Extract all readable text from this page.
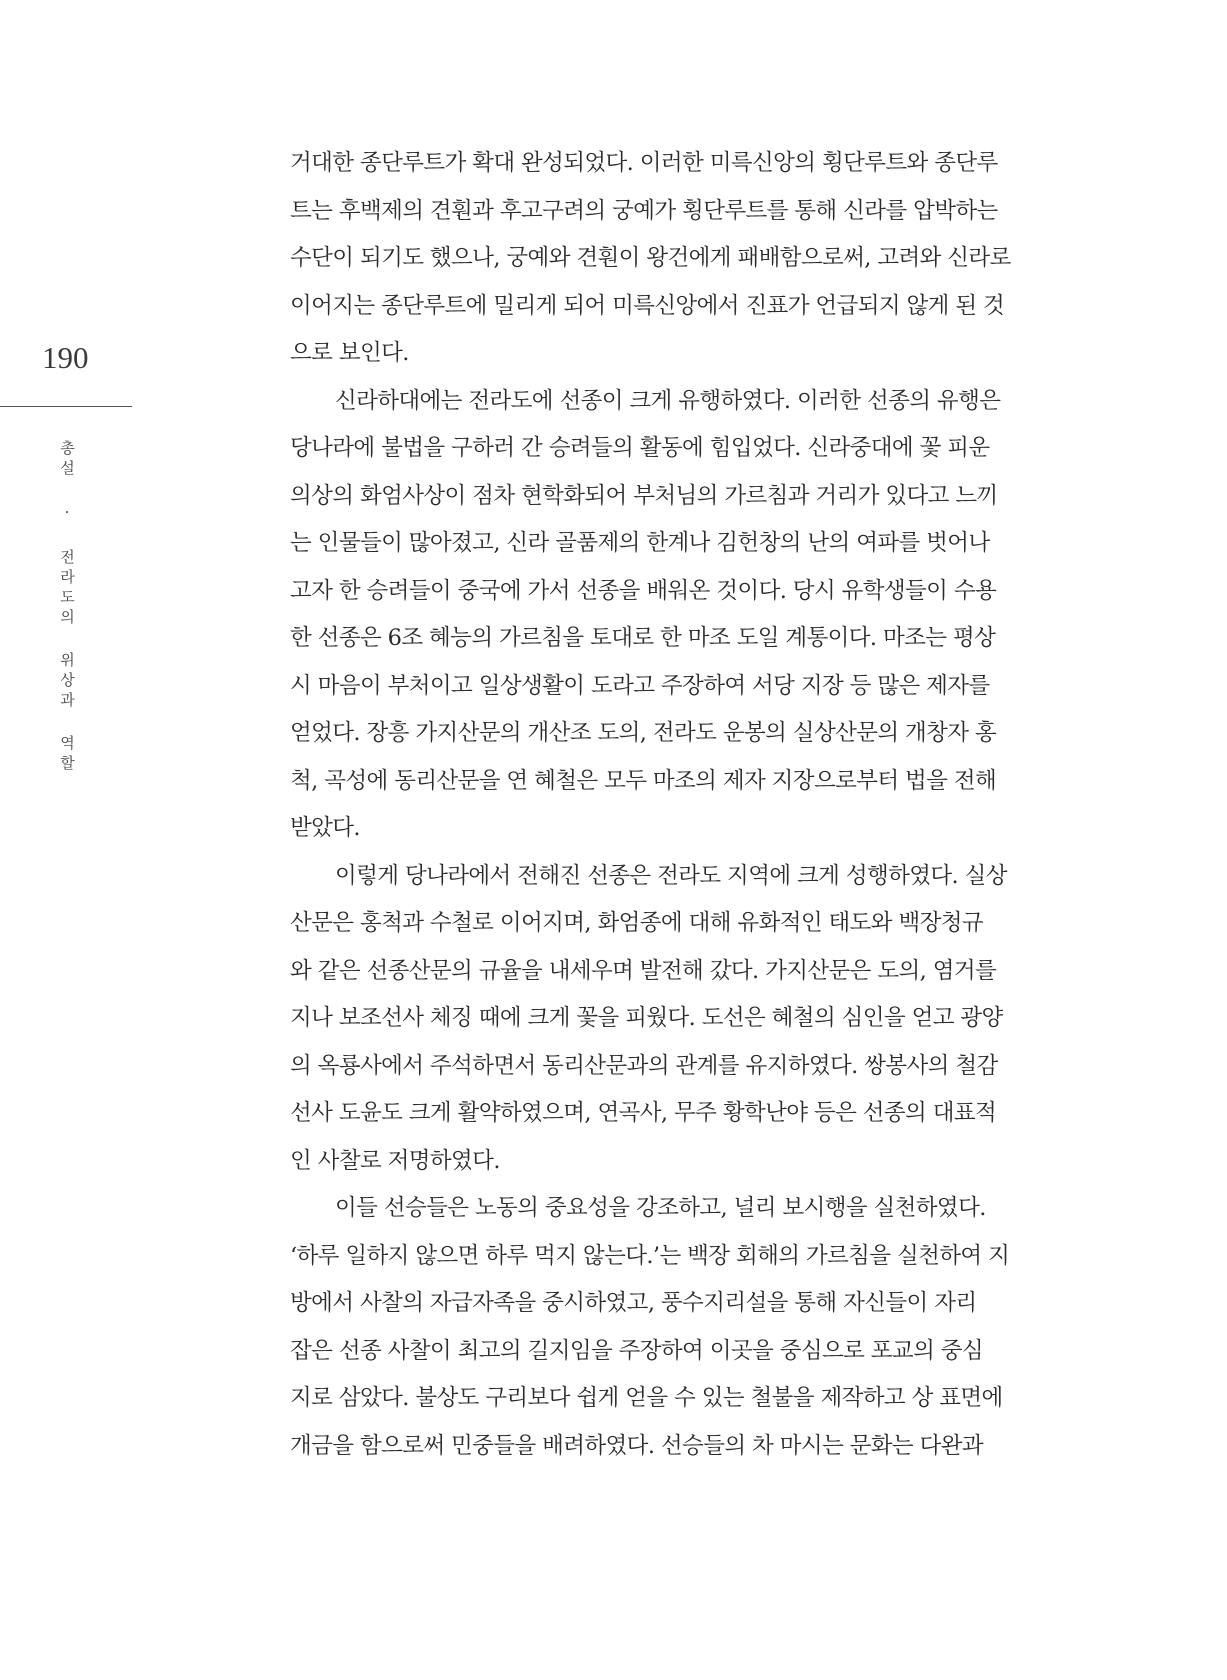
190
총설 · 전라도의 위상과 역할
거대한 종단루트가 확대 완성되었다. 이러한 미륵신앙의 횡단루트와 종단루
트는 후백제의 견훤과 후고구려의 궁예가 횡단루트를 통해 신라를 압박하는
수단이 되기도 했으나, 궁예와 견훤이 왕건에게 패배함으로써, 고려와 신라로
이어지는 종단루트에 밀리게 되어 미륵신앙에서 진표가 언급되지 않게 된 것
으로 보인다.
신라하대에는 전라도에 선종이 크게 유행하였다. 이러한 선종의 유행은
당나라에 불법을 구하러 간 승려들의 활동에 힘입었다. 신라중대에 꽃 피운
의상의 화엄사상이 점차 현학화되어 부처님의 가르침과 거리가 있다고 느끼
는 인물들이 많아졌고, 신라 골품제의 한계나 김헌창의 난의 여파를 벗어나
고자 한 승려들이 중국에 가서 선종을 배워온 것이다. 당시 유학생들이 수용
한 선종은 6조 혜능의 가르침을 토대로 한 마조 도일 계통이다. 마조는 평상
시 마음이 부처이고 일상생활이 도라고 주장하여 서당 지장 등 많은 제자를
얻었다. 장흥 가지산문의 개산조 도의, 전라도 운봉의 실상산문의 개창자 홍
척, 곡성에 동리산문을 연 혜철은 모두 마조의 제자 지장으로부터 법을 전해
받았다.
이렇게 당나라에서 전해진 선종은 전라도 지역에 크게 성행하였다. 실상
산문은 홍척과 수철로 이어지며, 화엄종에 대해 유화적인 태도와 백장청규
와 같은 선종산문의 규율을 내세우며 발전해 갔다. 가지산문은 도의, 염거를
지나 보조선사 체징 때에 크게 꽃을 피웠다. 도선은 혜철의 심인을 얻고 광양
의 옥룡사에서 주석하면서 동리산문과의 관계를 유지하였다. 쌍봉사의 철감
선사 도윤도 크게 활약하였으며, 연곡사, 무주 황학난야 등은 선종의 대표적
인 사찰로 저명하였다.
이들 선승들은 노동의 중요성을 강조하고, 널리 보시행을 실천하였다.
‘하루 일하지 않으면 하루 먹지 않는다.’는 백장 회해의 가르침을 실천하여 지
방에서 사찰의 자급자족을 중시하였고, 풍수지리설을 통해 자신들이 자리
잡은 선종 사찰이 최고의 길지임을 주장하여 이곳을 중심으로 포교의 중심
지로 삼았다. 불상도 구리보다 쉽게 얻을 수 있는 철불을 제작하고 상 표면에
개금을 함으로써 민중들을 배려하였다. 선승들의 차 마시는 문화는 다완과
